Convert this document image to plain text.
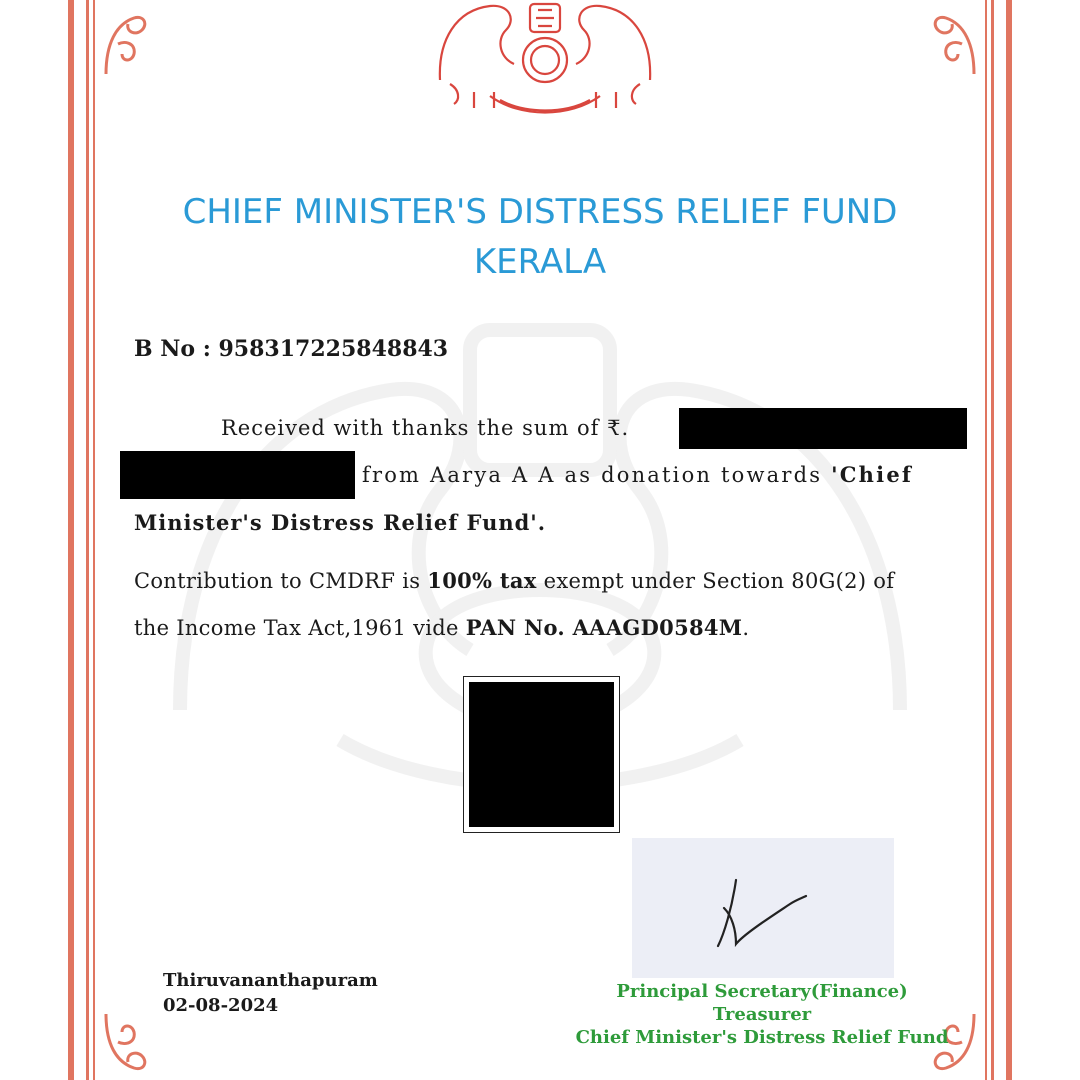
CHIEF MINISTER'S DISTRESS RELIEF FUND
KERALA
B No : 958317225848843
Received with thanks the sum of ₹.
from Aarya A A as donation towards 'Chief
Minister's Distress Relief Fund'.
Contribution to CMDRF is 100% tax exempt under Section 80G(2) of
the Income Tax Act,1961 vide PAN No. AAAGD0584M.
Thiruvananthapuram
02-08-2024
Principal Secretary(Finance)
Treasurer
Chief Minister's Distress Relief Fund
